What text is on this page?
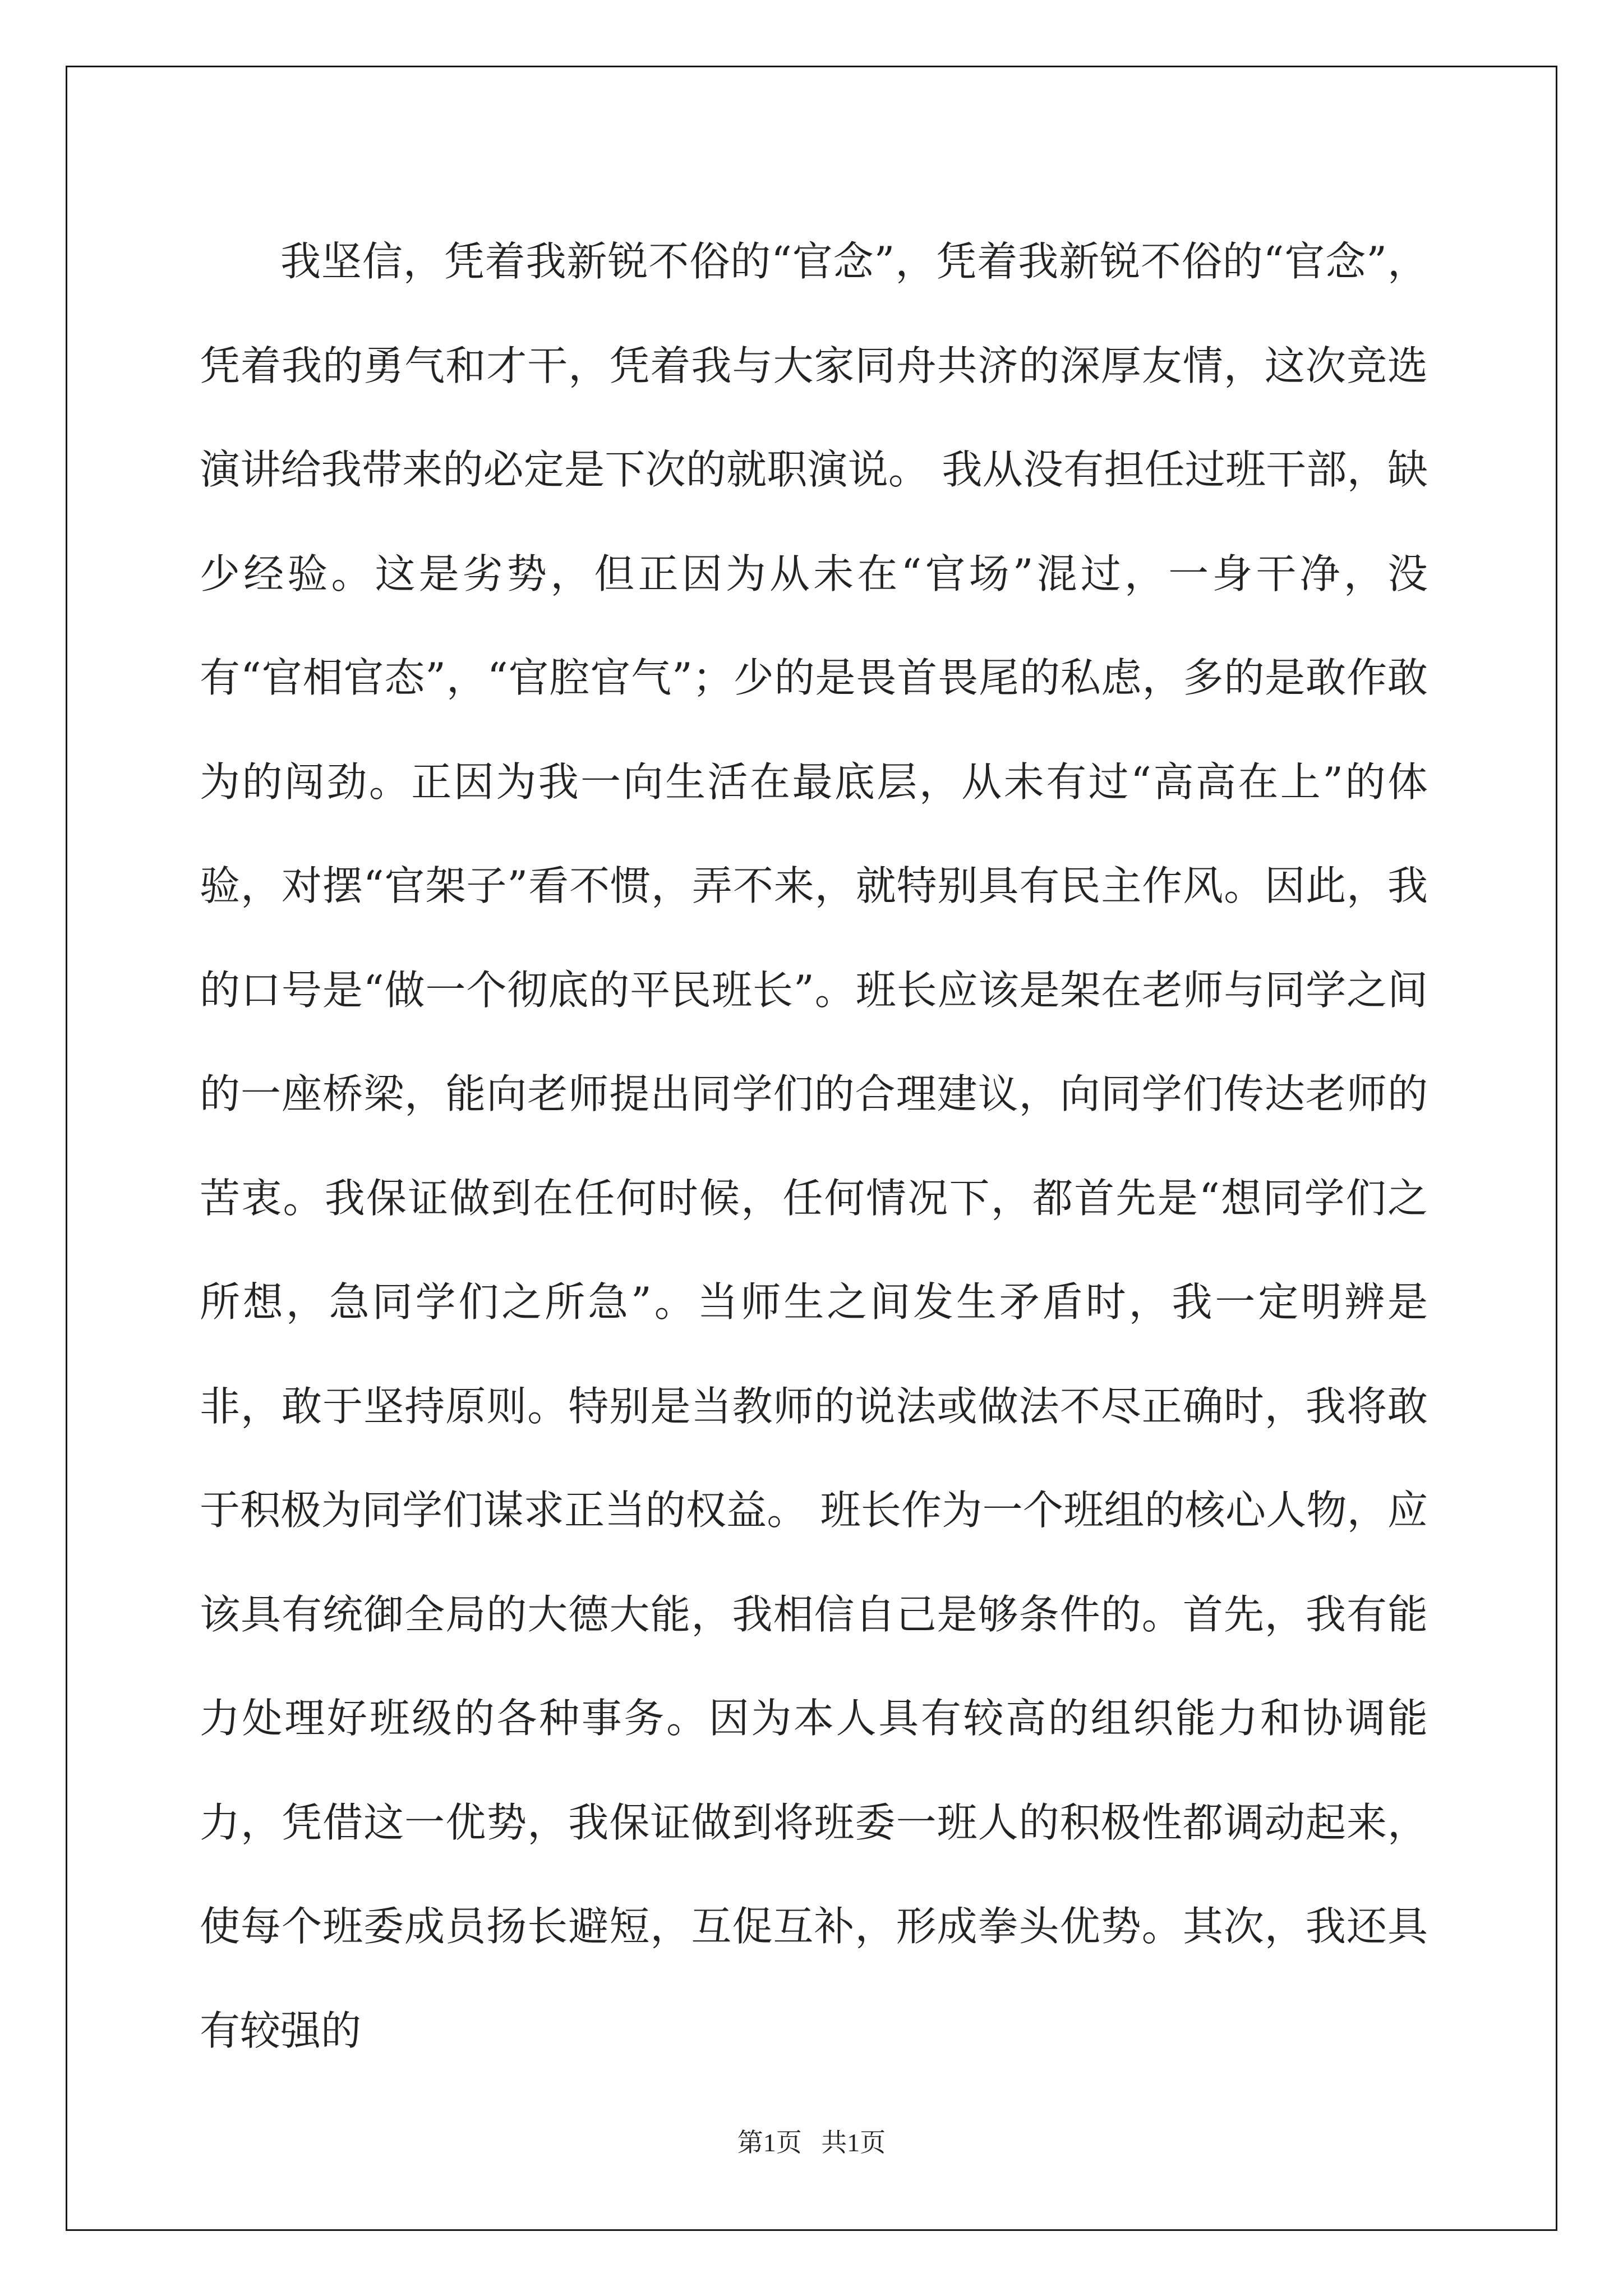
我坚信，凭着我新锐不俗的“官念”，凭着我新锐不俗的“官念”，凭着我的勇气和才干，凭着我与大家同舟共济的深厚友情，这次竞选演讲给我带来的必定是下次的就职演说。 我从没有担任过班干部，缺少经验。这是劣势，但正因为从未在“官场”混过，一身干净，没有“官相官态”，“官腔官气”；少的是畏首畏尾的私虑，多的是敢作敢为的闯劲。正因为我一向生活在最底层，从未有过“高高在上”的体验，对摆“官架子”看不惯，弄不来，就特别具有民主作风。因此，我的口号是“做一个彻底的平民班长”。班长应该是架在老师与同学之间的一座桥梁，能向老师提出同学们的合理建议，向同学们传达老师的苦衷。我保证做到在任何时候，任何情况下，都首先是“想同学们之所想，急同学们之所急”。当师生之间发生矛盾时，我一定明辨是非，敢于坚持原则。特别是当教师的说法或做法不尽正确时，我将敢于积极为同学们谋求正当的权益。 班长作为一个班组的核心人物，应该具有统御全局的大德大能，我相信自己是够条件的。首先，我有能力处理好班级的各种事务。因为本人具有较高的组织能力和协调能力，凭借这一优势，我保证做到将班委一班人的积极性都调动起来，使每个班委成员扬长避短，互促互补，形成拳头优势。其次，我还具有较强的

第1页   共1页
